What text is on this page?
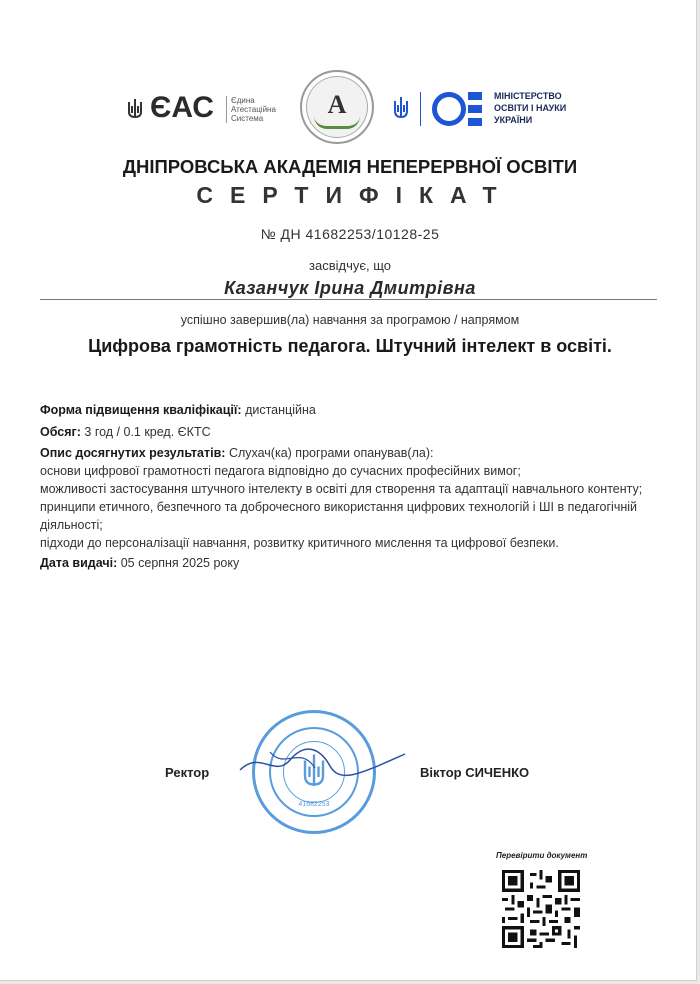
ЄАС Єдина
Атестаційна
Система	А	МІНІСТЕРСТВО
ОСВІТИ І НАУКИ
УКРАЇНИ
ДНІПРОВСЬКА АКАДЕМІЯ НЕПЕРЕРВНОЇ ОСВІТИ
СЕРТИФІКАТ
№ ДН 41682253/10128-25
засвідчує, що
Казанчук Ірина Дмитрівна
успішно завершив(ла) навчання за програмою / напрямом
Цифрова грамотність педагога. Штучний інтелект в освіті.
Форма підвищення кваліфікації: дистанційна
Обсяг: 3 год / 0.1 кред. ЄКТС
Опис досягнутих результатів: Слухач(ка) програми опанував(ла):
основи цифрової грамотності педагога відповідно до сучасних професійних вимог;
можливості застосування штучного інтелекту в освіті для створення та адаптації навчального контенту;
принципи етичного, безпечного та доброчесного використання цифрових технологій і ШІ в педагогічній діяльності;
підходи до персоналізації навчання, розвитку критичного мислення та цифрової безпеки.
Дата видачі: 05 серпня 2025 року
Ректор
41682253
Віктор СИЧЕНКО
Перевірити документ
